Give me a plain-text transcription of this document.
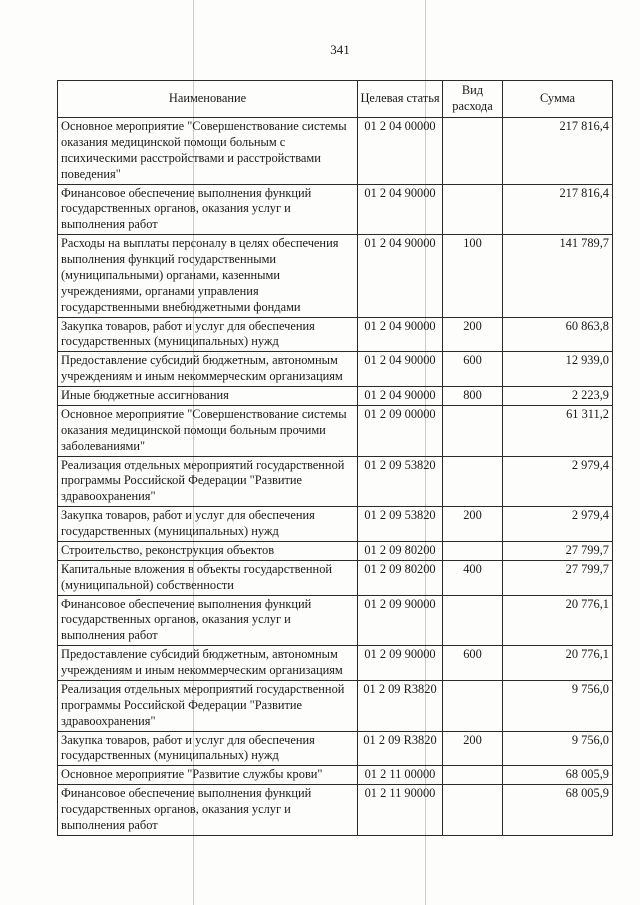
341
Наименование	Целевая статья	Вид расхода	Сумма
Основное мероприятие "Совершенствование системы оказания медицинской помощи больным с психическими расстройствами и расстройствами поведения"	01 2 04 00000		217 816,4
Финансовое обеспечение выполнения функций государственных органов, оказания услуг и выполнения работ	01 2 04 90000		217 816,4
Расходы на выплаты персоналу в целях обеспечения выполнения функций государственными (муниципальными) органами, казенными учреждениями, органами управления государственными внебюджетными фондами	01 2 04 90000	100	141 789,7
Закупка товаров, работ и услуг для обеспечения государственных (муниципальных) нужд	01 2 04 90000	200	60 863,8
Предоставление субсидий бюджетным, автономным учреждениям и иным некоммерческим организациям	01 2 04 90000	600	12 939,0
Иные бюджетные ассигнования	01 2 04 90000	800	2 223,9
Основное мероприятие "Совершенствование системы оказания медицинской помощи больным прочими заболеваниями"	01 2 09 00000		61 311,2
Реализация отдельных мероприятий государственной программы Российской Федерации "Развитие здравоохранения"	01 2 09 53820		2 979,4
Закупка товаров, работ и услуг для обеспечения государственных (муниципальных) нужд	01 2 09 53820	200	2 979,4
Строительство, реконструкция объектов	01 2 09 80200		27 799,7
Капитальные вложения в объекты государственной (муниципальной) собственности	01 2 09 80200	400	27 799,7
Финансовое обеспечение выполнения функций государственных органов, оказания услуг и выполнения работ	01 2 09 90000		20 776,1
Предоставление субсидий бюджетным, автономным учреждениям и иным некоммерческим организациям	01 2 09 90000	600	20 776,1
Реализация отдельных мероприятий государственной программы Российской Федерации "Развитие здравоохранения"	01 2 09 R3820		9 756,0
Закупка товаров, работ и услуг для обеспечения государственных (муниципальных) нужд	01 2 09 R3820	200	9 756,0
Основное мероприятие "Развитие службы крови"	01 2 11 00000		68 005,9
Финансовое обеспечение выполнения функций государственных органов, оказания услуг и выполнения работ	01 2 11 90000		68 005,9
